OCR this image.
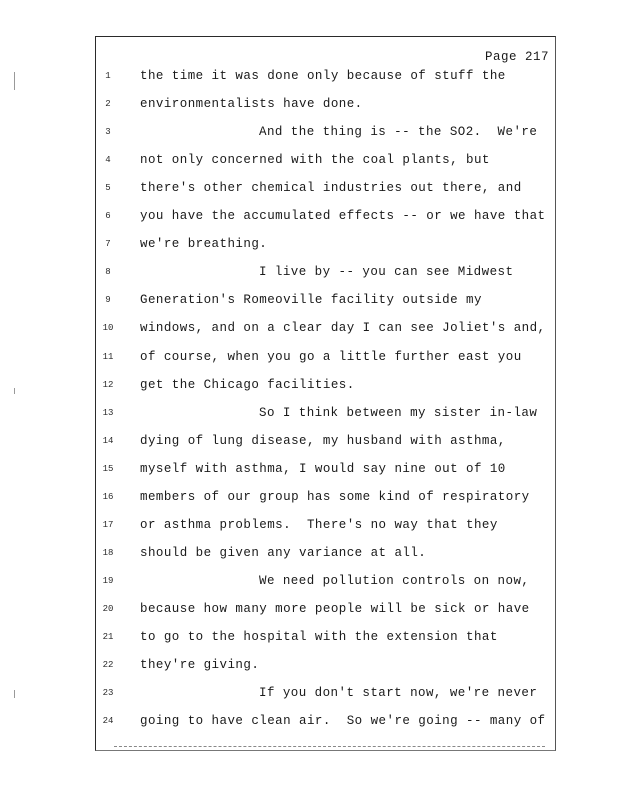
Page 217
1	the time it was done only because of stuff the
2	environmentalists have done.
3	And the thing is -- the SO2.  We're
4	not only concerned with the coal plants, but
5	there's other chemical industries out there, and
6	you have the accumulated effects -- or we have that
7	we're breathing.
8	I live by -- you can see Midwest
9	Generation's Romeoville facility outside my
10	windows, and on a clear day I can see Joliet's and,
11	of course, when you go a little further east you
12	get the Chicago facilities.
13	So I think between my sister in-law
14	dying of lung disease, my husband with asthma,
15	myself with asthma, I would say nine out of 10
16	members of our group has some kind of respiratory
17	or asthma problems.  There's no way that they
18	should be given any variance at all.
19	We need pollution controls on now,
20	because how many more people will be sick or have
21	to go to the hospital with the extension that
22	they're giving.
23	If you don't start now, we're never
24	going to have clean air.  So we're going -- many of
